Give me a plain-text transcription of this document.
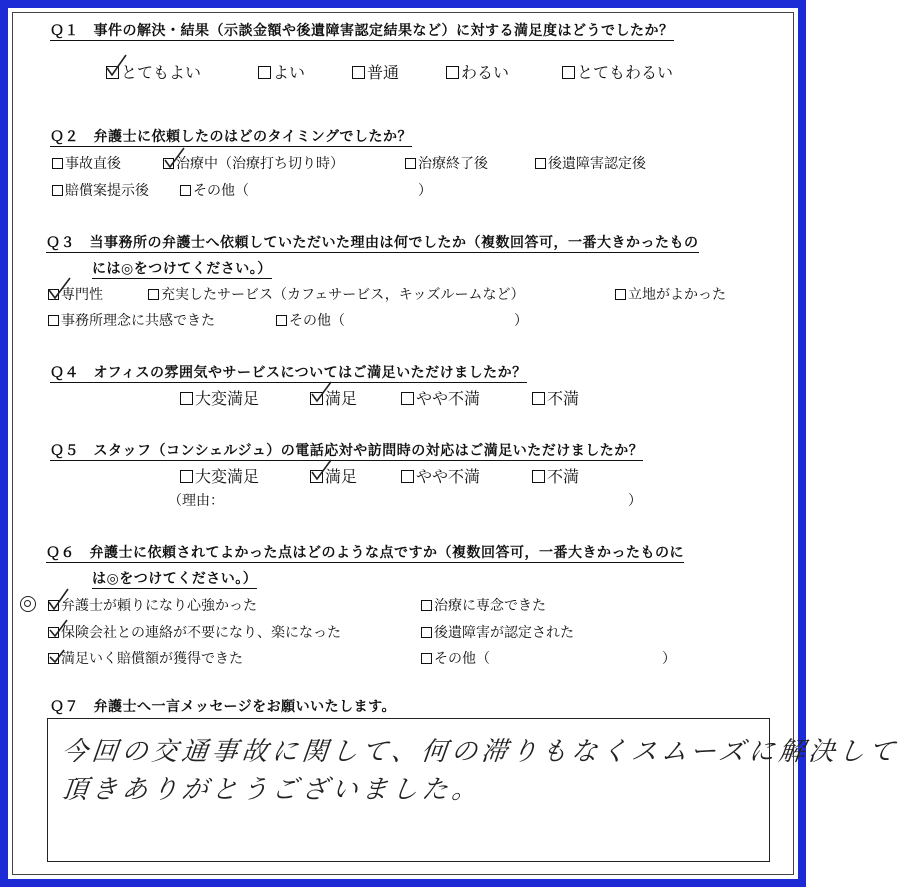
Ｑ１　事件の解決・結果（示談金額や後遺障害認定結果など）に対する満足度はどうでしたか？
とてもよい	よい	普通	わるい	とてもわるい
Ｑ２　弁護士に依頼したのはどのタイミングでしたか？
事故直後	治療中（治療打ち切り時）	治療終了後	後遺障害認定後
賠償案提示後	その他（	）
Ｑ３　当事務所の弁護士へ依頼していただいた理由は何でしたか（複数回答可，一番大きかったもの
には◎をつけてください。）
専門性	充実したサービス（カフェサービス，キッズルームなど）	立地がよかった
事務所理念に共感できた	その他（	）
Ｑ４　オフィスの雰囲気やサービスについてはご満足いただけましたか？
大変満足	満足	やや不満	不満
Ｑ５　スタッフ（コンシェルジュ）の電話応対や訪問時の対応はご満足いただけましたか？
大変満足	満足	やや不満	不満
（理由：	）
Ｑ６　弁護士に依頼されてよかった点はどのような点ですか（複数回答可，一番大きかったものに
は◎をつけてください。）
弁護士が頼りになり心強かった	治療に専念できた
保険会社との連絡が不要になり、楽になった	後遺障害が認定された
満足いく賠償額が獲得できた	その他（	）
Ｑ７　弁護士へ一言メッセージをお願いいたします。
今回の交通事故に関して、何の滞りもなくスムーズに解決して
頂きありがとうございました。
